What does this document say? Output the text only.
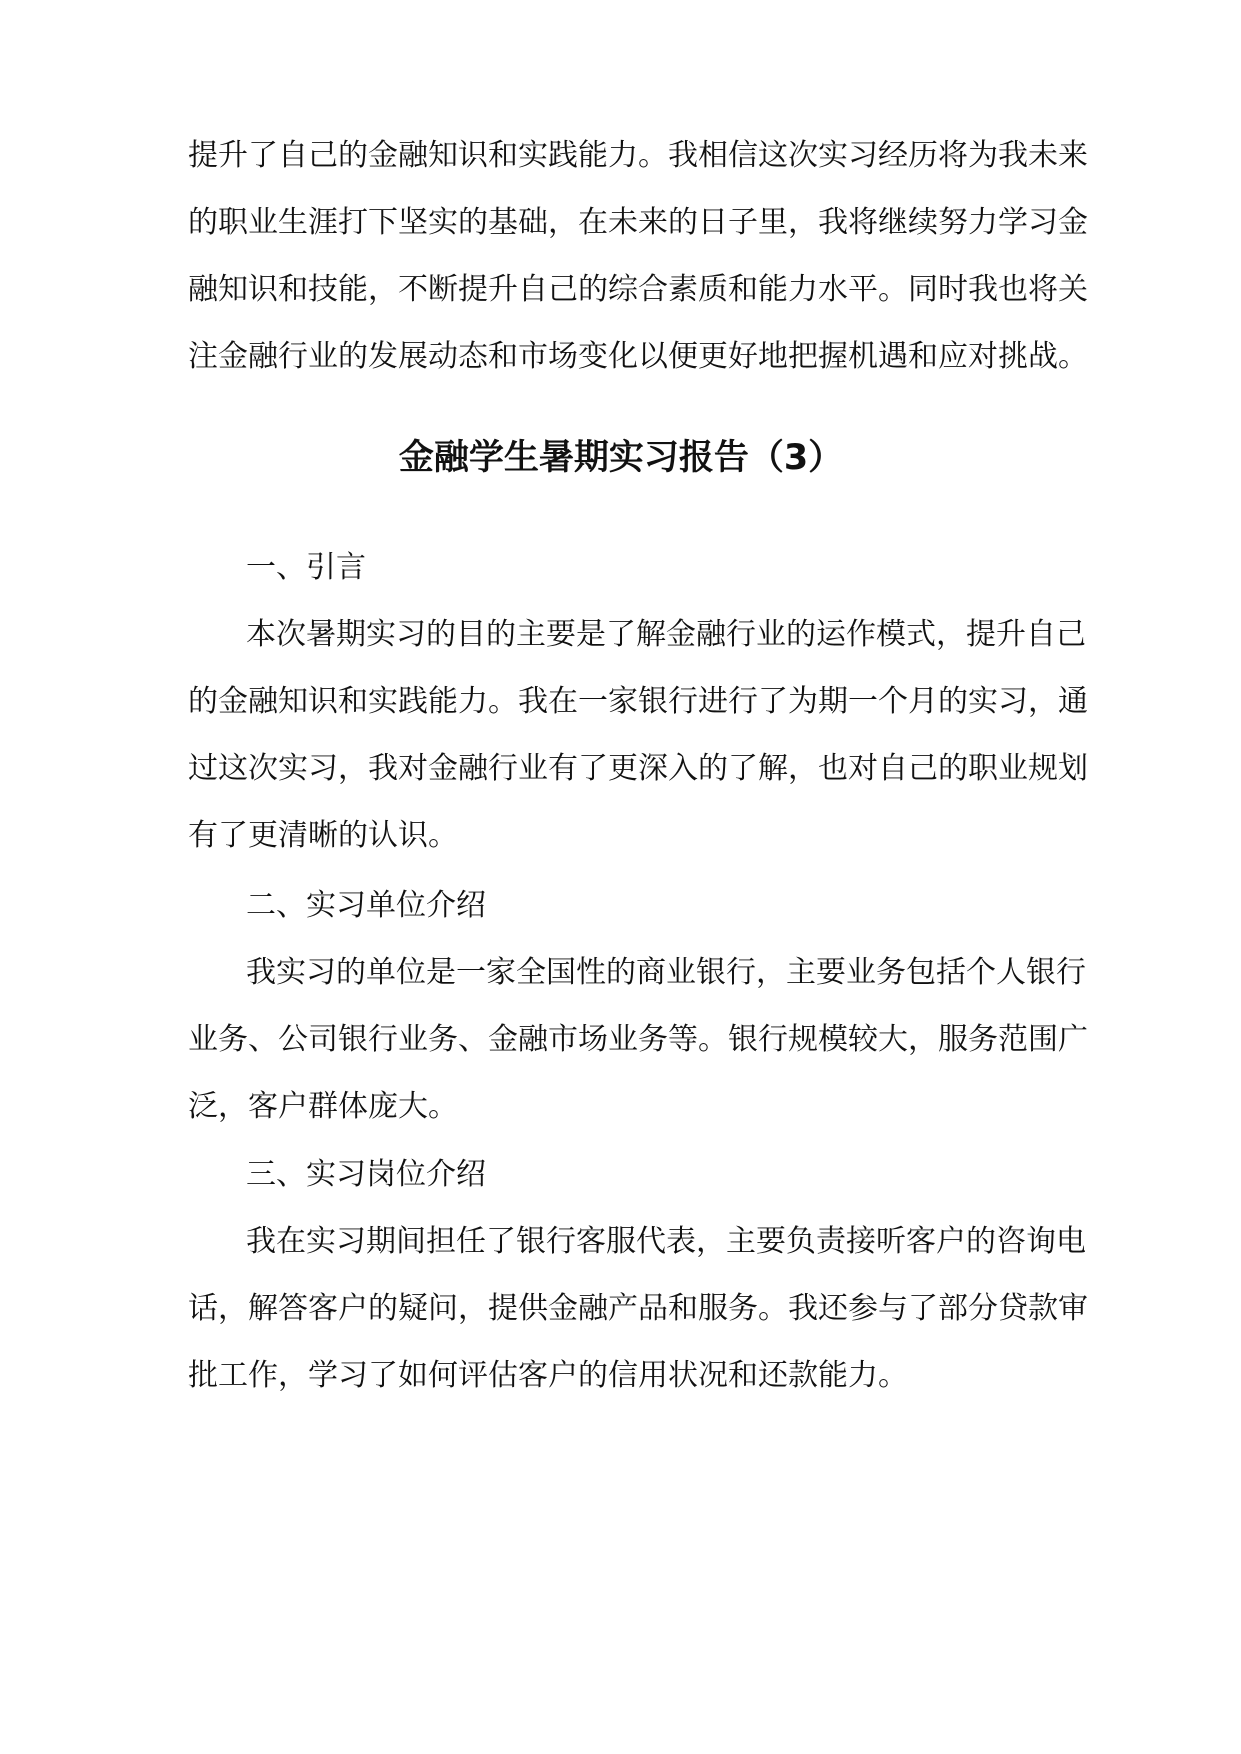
提升了自己的金融知识和实践能力。我相信这次实习经历将为我未来
的职业生涯打下坚实的基础，在未来的日子里，我将继续努力学习金
融知识和技能，不断提升自己的综合素质和能力水平。同时我也将关
注金融行业的发展动态和市场变化以便更好地把握机遇和应对挑战。
金融学生暑期实习报告（3）
一、引言
本次暑期实习的目的主要是了解金融行业的运作模式，提升自己
的金融知识和实践能力。我在一家银行进行了为期一个月的实习，通
过这次实习，我对金融行业有了更深入的了解，也对自己的职业规划
有了更清晰的认识。
二、实习单位介绍
我实习的单位是一家全国性的商业银行，主要业务包括个人银行
业务、公司银行业务、金融市场业务等。银行规模较大，服务范围广
泛，客户群体庞大。
三、实习岗位介绍
我在实习期间担任了银行客服代表，主要负责接听客户的咨询电
话，解答客户的疑问，提供金融产品和服务。我还参与了部分贷款审
批工作，学习了如何评估客户的信用状况和还款能力。
